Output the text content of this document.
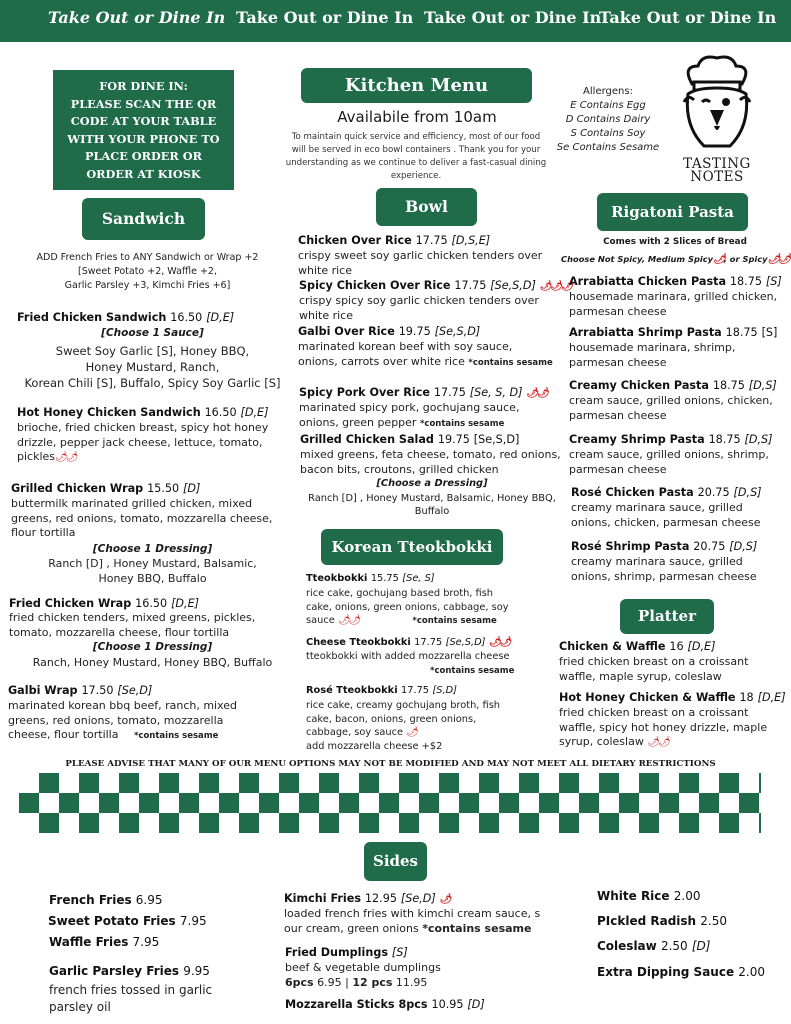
Take Out or Dine In Take Out or Dine In Take Out or Dine In
Take Out or Dine In
FOR DINE IN:
PLEASE SCAN THE QR CODE AT YOUR TABLE WITH YOUR PHONE TO PLACE ORDER OR ORDER AT KIOSK
Kitchen Menu
Availabile from 10am
To maintain quick service and efficiency, most of our food will be served in eco bowl containers . Thank you for your understanding as we continue to deliver a fast-casual dining experience.
Allergens:
E Contains Egg
D Contains Dairy
S Contains Soy
Se Contains Sesame
TASTING NOTES
Sandwich
ADD French Fries to ANY Sandwich or Wrap +2
[Sweet Potato +2, Waffle +2,
Garlic Parsley +3, Kimchi Fries +6]
Fried Chicken Sandwich 16.50 [D,E]
[Choose 1 Sauce]
Sweet Soy Garlic [S], Honey BBQ,
Honey Mustard, Ranch,
Korean Chili [S], Buffalo, Spicy Soy Garlic [S]
Hot Honey Chicken Sandwich 16.50 [D,E]
brioche, fried chicken breast, spicy hot honey
drizzle, pepper jack cheese, lettuce, tomato,
pickles🌶🌶
Grilled Chicken Wrap 15.50 [D]
buttermilk marinated grilled chicken, mixed
greens, red onions, tomato, mozzarella cheese,
flour tortilla
[Choose 1 Dressing]
Ranch [D] , Honey Mustard, Balsamic,
Honey BBQ, Buffalo
Fried Chicken Wrap 16.50 [D,E]
fried chicken tenders, mixed greens, pickles,
tomato, mozzarella cheese, flour tortilla
[Choose 1 Dressing]
Ranch, Honey Mustard, Honey BBQ, Buffalo
Galbi Wrap 17.50 [Se,D]
marinated korean bbq beef, ranch, mixed
greens, red onions, tomato, mozzarella
cheese, flour tortilla *contains sesame
Bowl
Chicken Over Rice 17.75 [D,S,E]
crispy sweet soy garlic chicken tenders over
white rice
Spicy Chicken Over Rice 17.75 [Se,S,D] 🌶🌶🌶
crispy spicy soy garlic chicken tenders over
white rice
Galbi Over Rice 19.75 [Se,S,D]
marinated korean beef with soy sauce,
onions, carrots over white rice *contains sesame
Spicy Pork Over Rice 17.75 [Se, S, D] 🌶🌶
marinated spicy pork, gochujang sauce,
onions, green pepper *contains sesame
Grilled Chicken Salad 19.75 [Se,S,D]
mixed greens, feta cheese, tomato, red onions,
bacon bits, croutons, grilled chicken
[Choose a Dressing]
Ranch [D] , Honey Mustard, Balsamic, Honey BBQ,
Buffalo
Korean Tteokbokki
Tteokbokki 15.75 [Se, S]
rice cake, gochujang based broth, fish
cake, onions, green onions, cabbage, soy
sauce 🌶🌶	*contains sesame
Cheese Tteokbokki 17.75 [Se,S,D] 🌶🌶
tteokbokki with added mozzarella cheese
*contains sesame
Rosé Tteokbokki 17.75 [S,D]
rice cake, creamy gochujang broth, fish
cake, bacon, onions, green onions,
cabbage, soy sauce 🌶
add mozzarella cheese +$2
Rigatoni Pasta
Comes with 2 Slices of Bread
Choose Not Spicy, Medium Spicy🌶, or Spicy🌶🌶
Arrabiatta Chicken Pasta 18.75 [S]
housemade marinara, grilled chicken,
parmesan cheese
Arrabiatta Shrimp Pasta 18.75 [S]
housemade marinara, shrimp,
parmesan cheese
Creamy Chicken Pasta 18.75 [D,S]
cream sauce, grilled onions, chicken,
parmesan cheese
Creamy Shrimp Pasta 18.75 [D,S]
cream sauce, grilled onions, shrimp,
parmesan cheese
Rosé Chicken Pasta 20.75 [D,S]
creamy marinara sauce, grilled
onions, chicken, parmesan cheese
Rosé Shrimp Pasta 20.75 [D,S]
creamy marinara sauce, grilled
onions, shrimp, parmesan cheese
Platter
Chicken & Waffle 16 [D,E]
fried chicken breast on a croissant
waffle, maple syrup, coleslaw
Hot Honey Chicken & Waffle 18 [D,E]
fried chicken breast on a croissant
waffle, spicy hot honey drizzle, maple
syrup, coleslaw 🌶🌶
PLEASE ADVISE THAT MANY OF OUR MENU OPTIONS MAY NOT BE MODIFIED AND MAY NOT MEET ALL DIETARY RESTRICTIONS
Sides
French Fries 6.95
Sweet Potato Fries 7.95
Waffle Fries 7.95
Garlic Parsley Fries 9.95
french fries tossed in garlic
parsley oil
Kimchi Fries 12.95 [Se,D] 🌶
loaded french fries with kimchi cream sauce, s
our cream, green onions *contains sesame
Fried Dumplings [S]
beef & vegetable dumplings
6pcs 6.95 | 12 pcs 11.95
Mozzarella Sticks 8pcs 10.95 [D]
White Rice 2.00
PIckled Radish 2.50
Coleslaw 2.50 [D]
Extra Dipping Sauce 2.00
